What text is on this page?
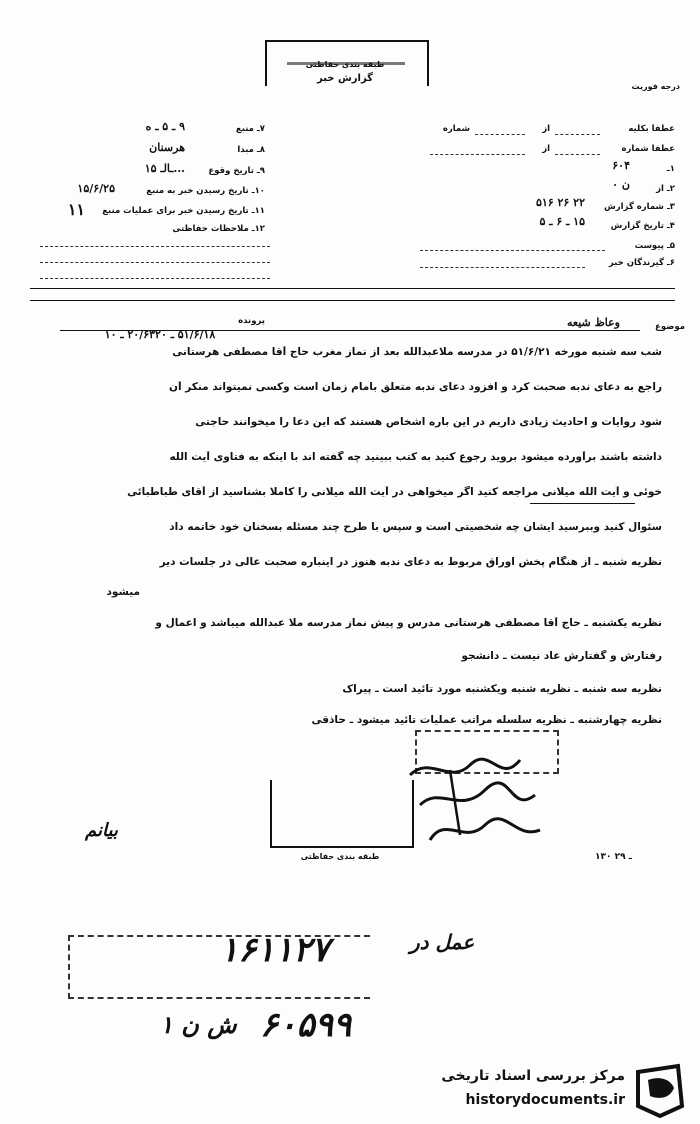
طبقه بندی حفاظتی
گزارش خبر
درجه فوریت
۷ـ منبع
۹ ـ ۵ ـ ه
۸ـ مبدا
هرسنان
۹ـ تاریخ وقوع
...ـالـ ۱۵
۱۰ـ تاریخ رسیدن خبر به منبع
۱۵/۶/۲۵
۱۱ـ تاریخ رسیدن خبر برای عملیات منبع
۱۱
۱۲ـ ملاحظات حفاظتی
عطفا بکلیه
شماره	از
عطفا شماره
از
۱ـ
۶۰۴
۲ـ از
ن ۰
۳ـ شماره گزارش
۵۱۶ ۲۶ ۲۲
۴ـ تاریخ گزارش
۱۵ ـ ۶ ـ ۵
۵ـ پیوست
۶ـ گیرندگان خبر
موضوع
وعاظ شیعه
پرونده
۵۱/۶/۱۸ ـ ۲۰/۶۳۲۰ ـ ۱۰
شب سه شنبه مورخه ۵۱/۶/۲۱ در مدرسه ملاعبدالله بعد از نماز مغرب حاج آقا مصطفی هرستانی
راجع به دعای ندبه صحبت کرد و افزود دعای ندبه متعلق بامام زمان است وکسی نمیتواند منکر آن
شود روایات و احادیث زیادی داریم در این باره اشخاص هستند که این دعا را میخوانند حاجتی
داشته باشند برآورده میشود بروید رجوع کنید به کتب ببینید چه گفته اند با اینکه به فتاوی آیت الله
خوئی و آیت الله میلانی مراجعه کنید اگر میخواهی در آیت الله میلانی را کاملا بشناسید از آقای طباطبائی
سئوال کنید وببرسید ایشان چه شخصیتی است و سپس با طرح چند مسئله بسخنان خود خاتمه داد
نظریه شنبه ـ از هنگام پخش اوراق مربوط به دعای ندبه هنوز در اینباره صحبت عالی در جلسات دیر
میشود
نظریه یکشنبه ـ حاج آقا مصطفی هرستانی مدرس و پیش نماز مدرسه ملا عبدالله میباشد و اعمال و
رفتارش و گفتارش عاد نیست ـ دانشجو
نظریه سه شنبه ـ نظریه شنبه ویکشنبه مورد تائید است ـ پیراک
نظریه چهارشنبه ـ نظریه سلسله مراتب عملیات تائید میشود ـ حاذقی
طبقه بندی حفاظتی	۱۳۰ ـ ۲۹
بیانم
۱۶۱۱۲۷	عمل در
۶۰۵۹۹
ش ن ۱
مرکز بررسی اسناد تاریخی
historydocuments.ir
